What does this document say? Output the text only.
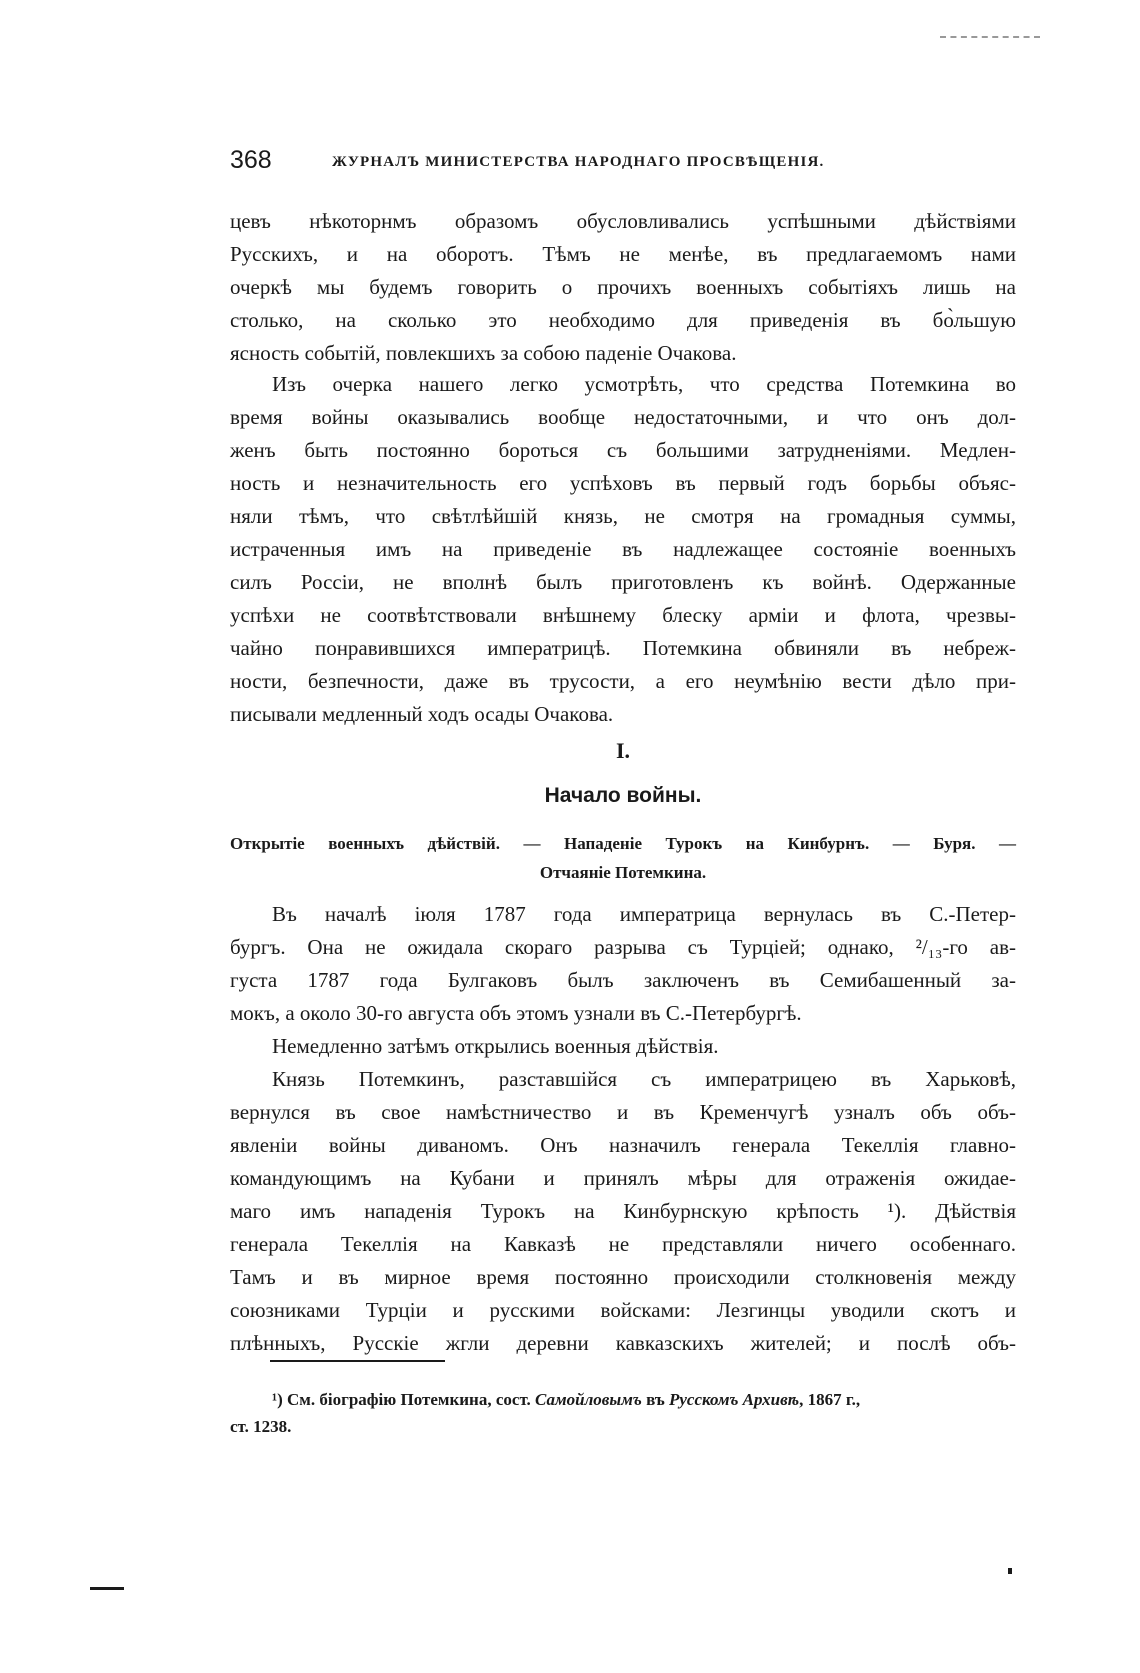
368	ЖУРНАЛЪ МИНИСТЕРСТВА НАРОДНАГО ПРОСВѢЩЕНІЯ.
цевъ нѣкоторнмъ образомъ обусловливались успѣшными дѣйствіями
Русскихъ, и на оборотъ. Тѣмъ не менѣе, въ предлагаемомъ нами
очеркѣ мы будемъ говорить о прочихъ военныхъ событіяхъ лишь на
столько, на сколько это необходимо для приведенія въ бо̀льшую
ясность событій, повлекшихъ за собою паденіе Очакова.
Изъ очерка нашего легко усмотрѣть, что средства Потемкина во
время войны оказывались вообще недостаточными, и что онъ дол-
женъ быть постоянно бороться съ большими затрудненіями. Медлен-
ность и незначительность его успѣховъ въ первый годъ борьбы объяс-
няли тѣмъ, что свѣтлѣйшій князь, не смотря на громадныя суммы,
истраченныя имъ на приведеніе въ надлежащее состояніе военныхъ
силъ Россіи, не вполнѣ былъ приготовленъ къ войнѣ. Одержанные
успѣхи не соотвѣтствовали внѣшнему блеску арміи и флота, чрезвы-
чайно понравившихся императрицѣ. Потемкина обвиняли въ небреж-
ности, безпечности, даже въ трусости, а его неумѣнію вести дѣло при-
писывали медленный ходъ осады Очакова.
I.
Начало войны.
Открытіе военныхъ дѣйствій. — Нападеніе Турокъ на Кинбурнъ. — Буря. —
Отчаяніе Потемкина.
Въ началѣ іюля 1787 года императрица вернулась въ С.-Петер-
бургъ. Она не ожидала скораго разрыва съ Турціей; однако, ²/₁₃-го ав-
густа 1787 года Булгаковъ былъ заключенъ въ Семибашенный за-
мокъ, а около 30-го августа объ этомъ узнали въ С.-Петербургѣ.
Немедленно затѣмъ открылись военныя дѣйствія.
Князь Потемкинъ, разставшійся съ императрицею въ Харьковѣ,
вернулся въ свое намѣстничество и въ Кременчугѣ узналъ объ объ-
явленіи войны диваномъ. Онъ назначилъ генерала Текеллія главно-
командующимъ на Кубани и принялъ мѣры для отраженія ожидае-
маго имъ нападенія Турокъ на Кинбурнскую крѣпость ¹). Дѣйствія
генерала Текеллія на Кавказѣ не представляли ничего особеннаго.
Тамъ и въ мирное время постоянно происходили столкновенія между
союзниками Турціи и русскими войсками: Лезгинцы уводили скотъ и
плѣнныхъ, Русскіе жгли деревни кавказскихъ жителей; и послѣ объ-
¹) См. біографію Потемкина, сост. Самойловымъ въ Русскомъ Архивѣ, 1867 г.,
ст. 1238.
